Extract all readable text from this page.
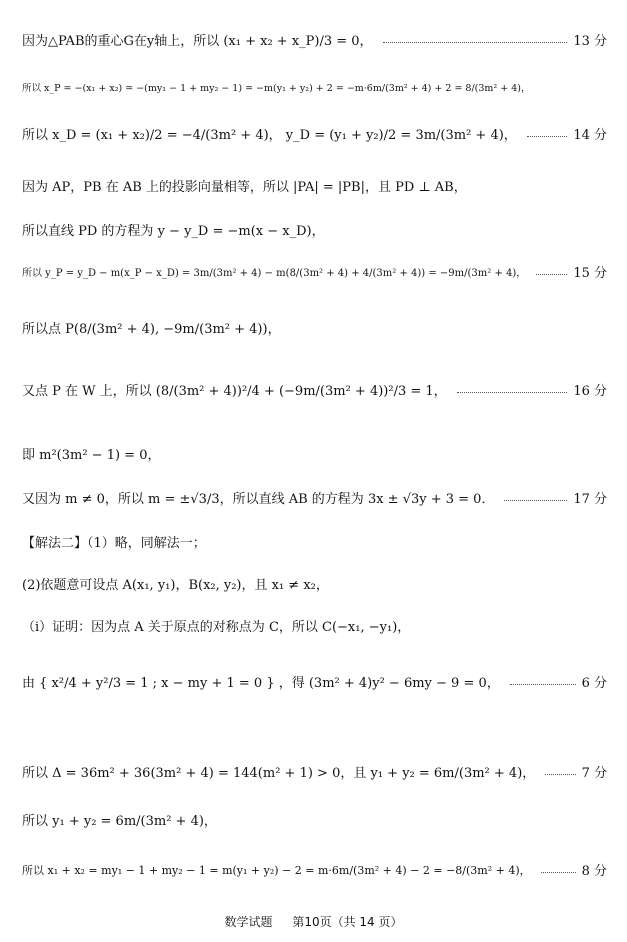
因为△PAB的重心G在y轴上，所以 (x₁ + x₂ + x_P)/3 = 0，	13 分
所以 x_P = −(x₁ + x₂) = −(my₁ − 1 + my₂ − 1) = −m(y₁ + y₂) + 2 = −m·6m/(3m² + 4) + 2 = 8/(3m² + 4)，
所以 x_D = (x₁ + x₂)/2 = −4/(3m² + 4)， y_D = (y₁ + y₂)/2 = 3m/(3m² + 4)，	14 分
因为 AP，PB 在 AB 上的投影向量相等，所以 |PA| = |PB|，且 PD ⊥ AB，
所以直线 PD 的方程为 y − y_D = −m(x − x_D)，
所以 y_P = y_D − m(x_P − x_D) = 3m/(3m² + 4) − m(8/(3m² + 4) + 4/(3m² + 4)) = −9m/(3m² + 4)，	15 分
所以点 P(8/(3m² + 4), −9m/(3m² + 4))，
又点 P 在 W 上，所以 (8/(3m² + 4))²/4 + (−9m/(3m² + 4))²/3 = 1，	16 分
即 m²(3m² − 1) = 0，
又因为 m ≠ 0，所以 m = ±√3/3，所以直线 AB 的方程为 3x ± √3y + 3 = 0．	17 分
【解法二】（1）略，同解法一；
(2)依题意可设点 A(x₁, y₁)，B(x₂, y₂)，且 x₁ ≠ x₂，
（i）证明：因为点 A 关于原点的对称点为 C，所以 C(−x₁, −y₁)，
由 { x²/4 + y²/3 = 1 ; x − my + 1 = 0 } ，得 (3m² + 4)y² − 6my − 9 = 0，	6 分
所以 Δ = 36m² + 36(3m² + 4) = 144(m² + 1) > 0，且 y₁ + y₂ = 6m/(3m² + 4)，	7 分
所以 y₁ + y₂ = 6m/(3m² + 4)，
所以 x₁ + x₂ = my₁ − 1 + my₂ − 1 = m(y₁ + y₂) − 2 = m·6m/(3m² + 4) − 2 = −8/(3m² + 4)，	8 分
数学试题 第10页（共 14 页）
